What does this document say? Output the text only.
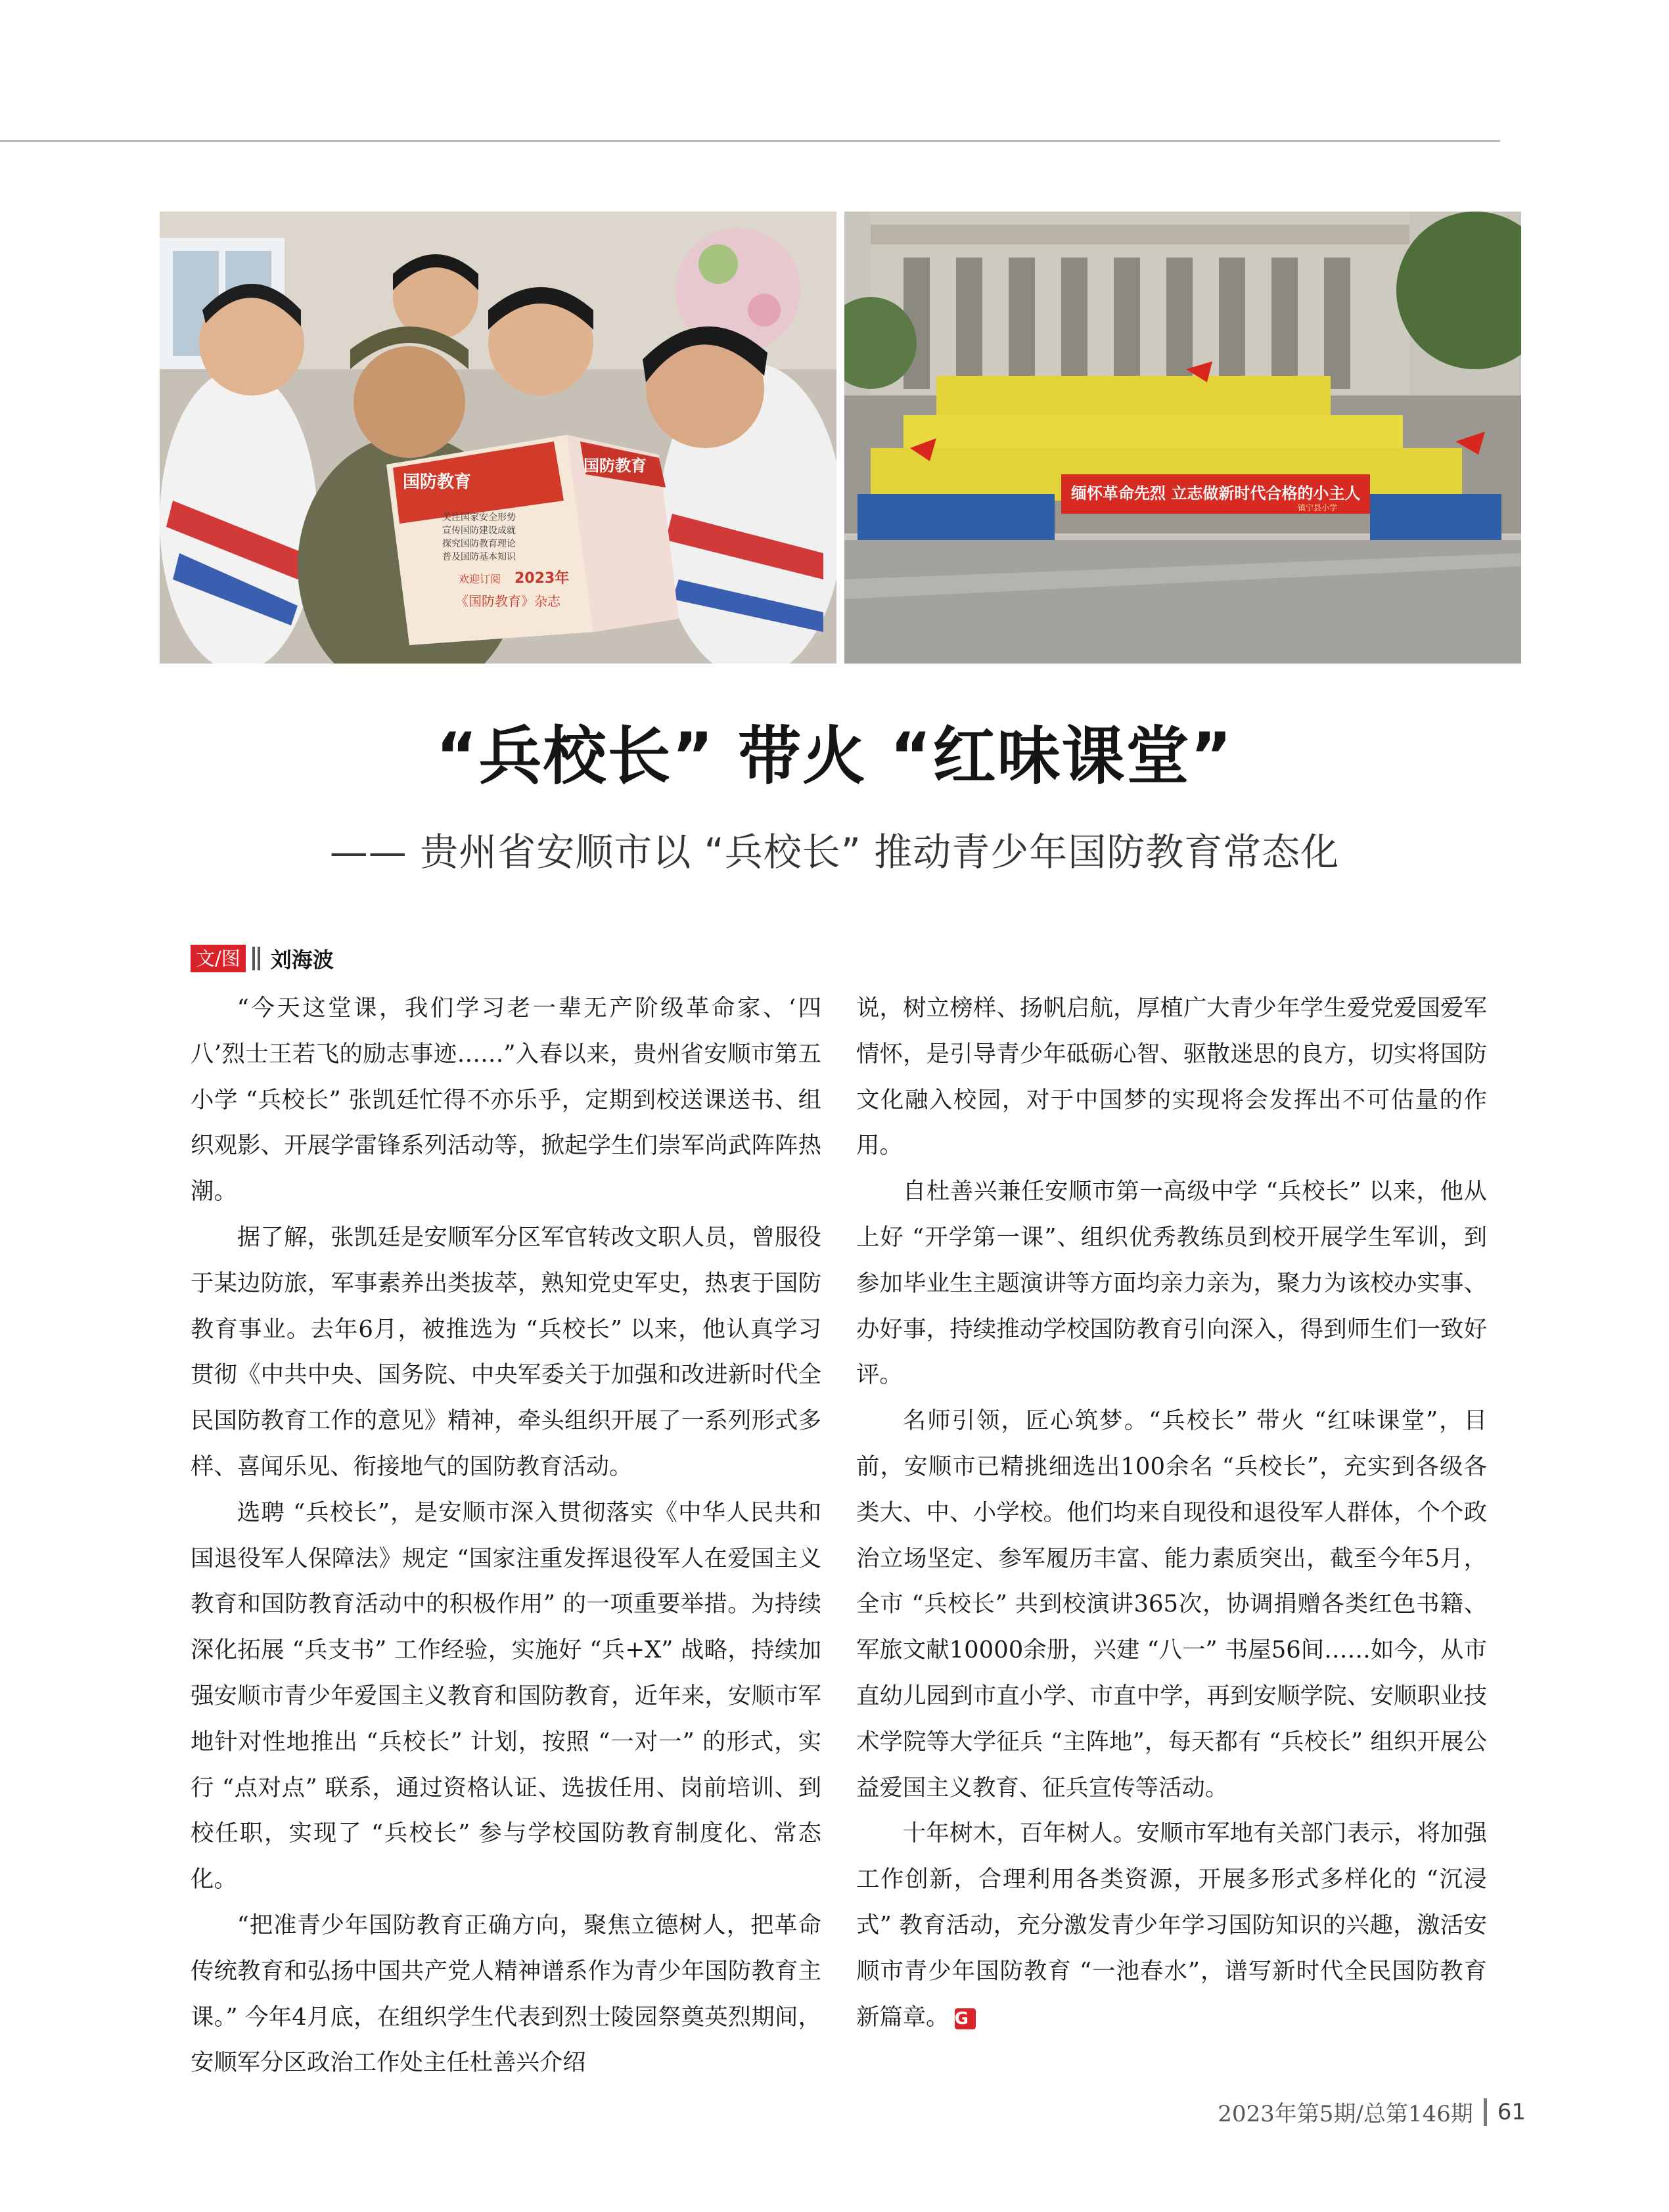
国防教育
关注国家安全形势
宣传国防建设成就
探究国防教育理论
普及国防基本知识
欢迎订阅 2023年
《国防教育》杂志
国防教育
缅怀革命先烈 立志做新时代合格的小主人
镇宁县小学
“兵校长” 带火 “红味课堂”
—— 贵州省安顺市以 “兵校长” 推动青少年国防教育常态化
文/图 刘海波

“今天这堂课，我们学习老一辈无产阶级革命家、‘四八’烈士王若飞的励志事迹……”入春以来，贵州省安顺市第五小学 “兵校长” 张凯廷忙得不亦乐乎，定期到校送课送书、组织观影、开展学雷锋系列活动等，掀起学生们崇军尚武阵阵热潮。

据了解，张凯廷是安顺军分区军官转改文职人员，曾服役于某边防旅，军事素养出类拔萃，熟知党史军史，热衷于国防教育事业。去年6月，被推选为 “兵校长” 以来，他认真学习贯彻《中共中央、国务院、中央军委关于加强和改进新时代全民国防教育工作的意见》精神，牵头组织开展了一系列形式多样、喜闻乐见、衔接地气的国防教育活动。

选聘 “兵校长”，是安顺市深入贯彻落实《中华人民共和国退役军人保障法》规定 “国家注重发挥退役军人在爱国主义教育和国防教育活动中的积极作用” 的一项重要举措。为持续深化拓展 “兵支书” 工作经验，实施好 “兵+X” 战略，持续加强安顺市青少年爱国主义教育和国防教育，近年来，安顺市军地针对性地推出 “兵校长” 计划，按照 “一对一” 的形式，实行 “点对点” 联系，通过资格认证、选拔任用、岗前培训、到校任职，实现了 “兵校长” 参与学校国防教育制度化、常态化。

“把准青少年国防教育正确方向，聚焦立德树人，把革命传统教育和弘扬中国共产党人精神谱系作为青少年国防教育主课。” 今年4月底，在组织学生代表到烈士陵园祭奠英烈期间，安顺军分区政治工作处主任杜善兴介绍

说，树立榜样、扬帆启航，厚植广大青少年学生爱党爱国爱军情怀，是引导青少年砥砺心智、驱散迷思的良方，切实将国防文化融入校园，对于中国梦的实现将会发挥出不可估量的作用。

自杜善兴兼任安顺市第一高级中学 “兵校长” 以来，他从上好 “开学第一课”、组织优秀教练员到校开展学生军训，到参加毕业生主题演讲等方面均亲力亲为，聚力为该校办实事、办好事，持续推动学校国防教育引向深入，得到师生们一致好评。

名师引领，匠心筑梦。“兵校长” 带火 “红味课堂”，目前，安顺市已精挑细选出100余名 “兵校长”，充实到各级各类大、中、小学校。他们均来自现役和退役军人群体，个个政治立场坚定、参军履历丰富、能力素质突出，截至今年5月，全市 “兵校长” 共到校演讲365次，协调捐赠各类红色书籍、军旅文献10000余册，兴建 “八一” 书屋56间……如今，从市直幼儿园到市直小学、市直中学，再到安顺学院、安顺职业技术学院等大学征兵 “主阵地”，每天都有 “兵校长” 组织开展公益爱国主义教育、征兵宣传等活动。

十年树木，百年树人。安顺市军地有关部门表示，将加强工作创新，合理利用各类资源，开展多形式多样化的 “沉浸式” 教育活动，充分激发青少年学习国防知识的兴趣，激活安顺市青少年国防教育 “一池春水”，谱写新时代全民国防教育新篇章。 G

2023年第5期/总第146期 61
